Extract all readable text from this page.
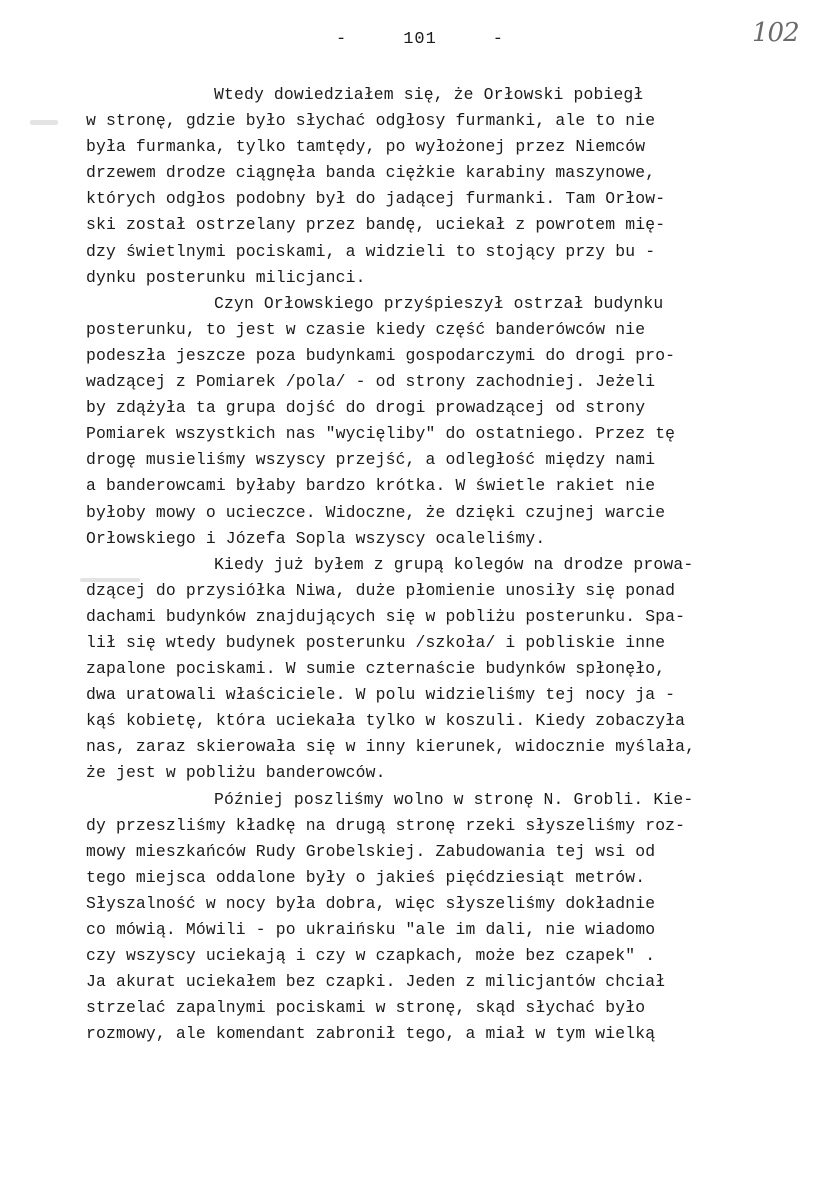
-     101     -	102
Wtedy dowiedziałem się, że Orłowski pobiegł
w stronę, gdzie było słychać odgłosy furmanki, ale to nie
była furmanka, tylko tamtędy, po wyłożonej przez Niemców
drzewem drodze ciągnęła banda ciężkie karabiny maszynowe,
których odgłos podobny był do jadącej furmanki. Tam Orłow-
ski został ostrzelany przez bandę, uciekał z powrotem mię-
dzy świetlnymi pociskami, a widzieli to stojący przy bu -
dynku posterunku milicjanci.
Czyn Orłowskiego przyśpieszył ostrzał budynku
posterunku, to jest w czasie kiedy część banderówców nie
podeszła jeszcze poza budynkami gospodarczymi do drogi pro-
wadzącej z Pomiarek /pola/ - od strony zachodniej. Jeżeli
by zdążyła ta grupa dojść do drogi prowadzącej od strony
Pomiarek wszystkich nas "wycięliby" do ostatniego. Przez tę
drogę musieliśmy wszyscy przejść, a odległość między nami
a banderowcami byłaby bardzo krótka. W świetle rakiet nie
byłoby mowy o ucieczce. Widoczne, że dzięki czujnej warcie
Orłowskiego i Józefa Sopla wszyscy ocaleliśmy.
Kiedy już byłem z grupą kolegów na drodze prowa-
dzącej do przysiółka Niwa, duże płomienie unosiły się ponad
dachami budynków znajdujących się w pobliżu posterunku. Spa-
lił się wtedy budynek posterunku /szkoła/ i pobliskie inne
zapalone pociskami. W sumie czternaście budynków spłonęło,
dwa uratowali właściciele. W polu widzieliśmy tej nocy ja -
kąś kobietę, która uciekała tylko w koszuli. Kiedy zobaczyła
nas, zaraz skierowała się w inny kierunek, widocznie myślała,
że jest w pobliżu banderowców.
Później poszliśmy wolno w stronę N. Grobli. Kie-
dy przeszliśmy kładkę na drugą stronę rzeki słyszeliśmy roz-
mowy mieszkańców Rudy Grobelskiej. Zabudowania tej wsi od
tego miejsca oddalone były o jakieś pięćdziesiąt metrów.
Słyszalność w nocy była dobra, więc słyszeliśmy dokładnie
co mówią. Mówili - po ukraińsku "ale im dali, nie wiadomo
czy wszyscy uciekają i czy w czapkach, może bez czapek" .
Ja akurat uciekałem bez czapki. Jeden z milicjantów chciał
strzelać zapalnymi pociskami w stronę, skąd słychać było
rozmowy, ale komendant zabronił tego, a miał w tym wielką
